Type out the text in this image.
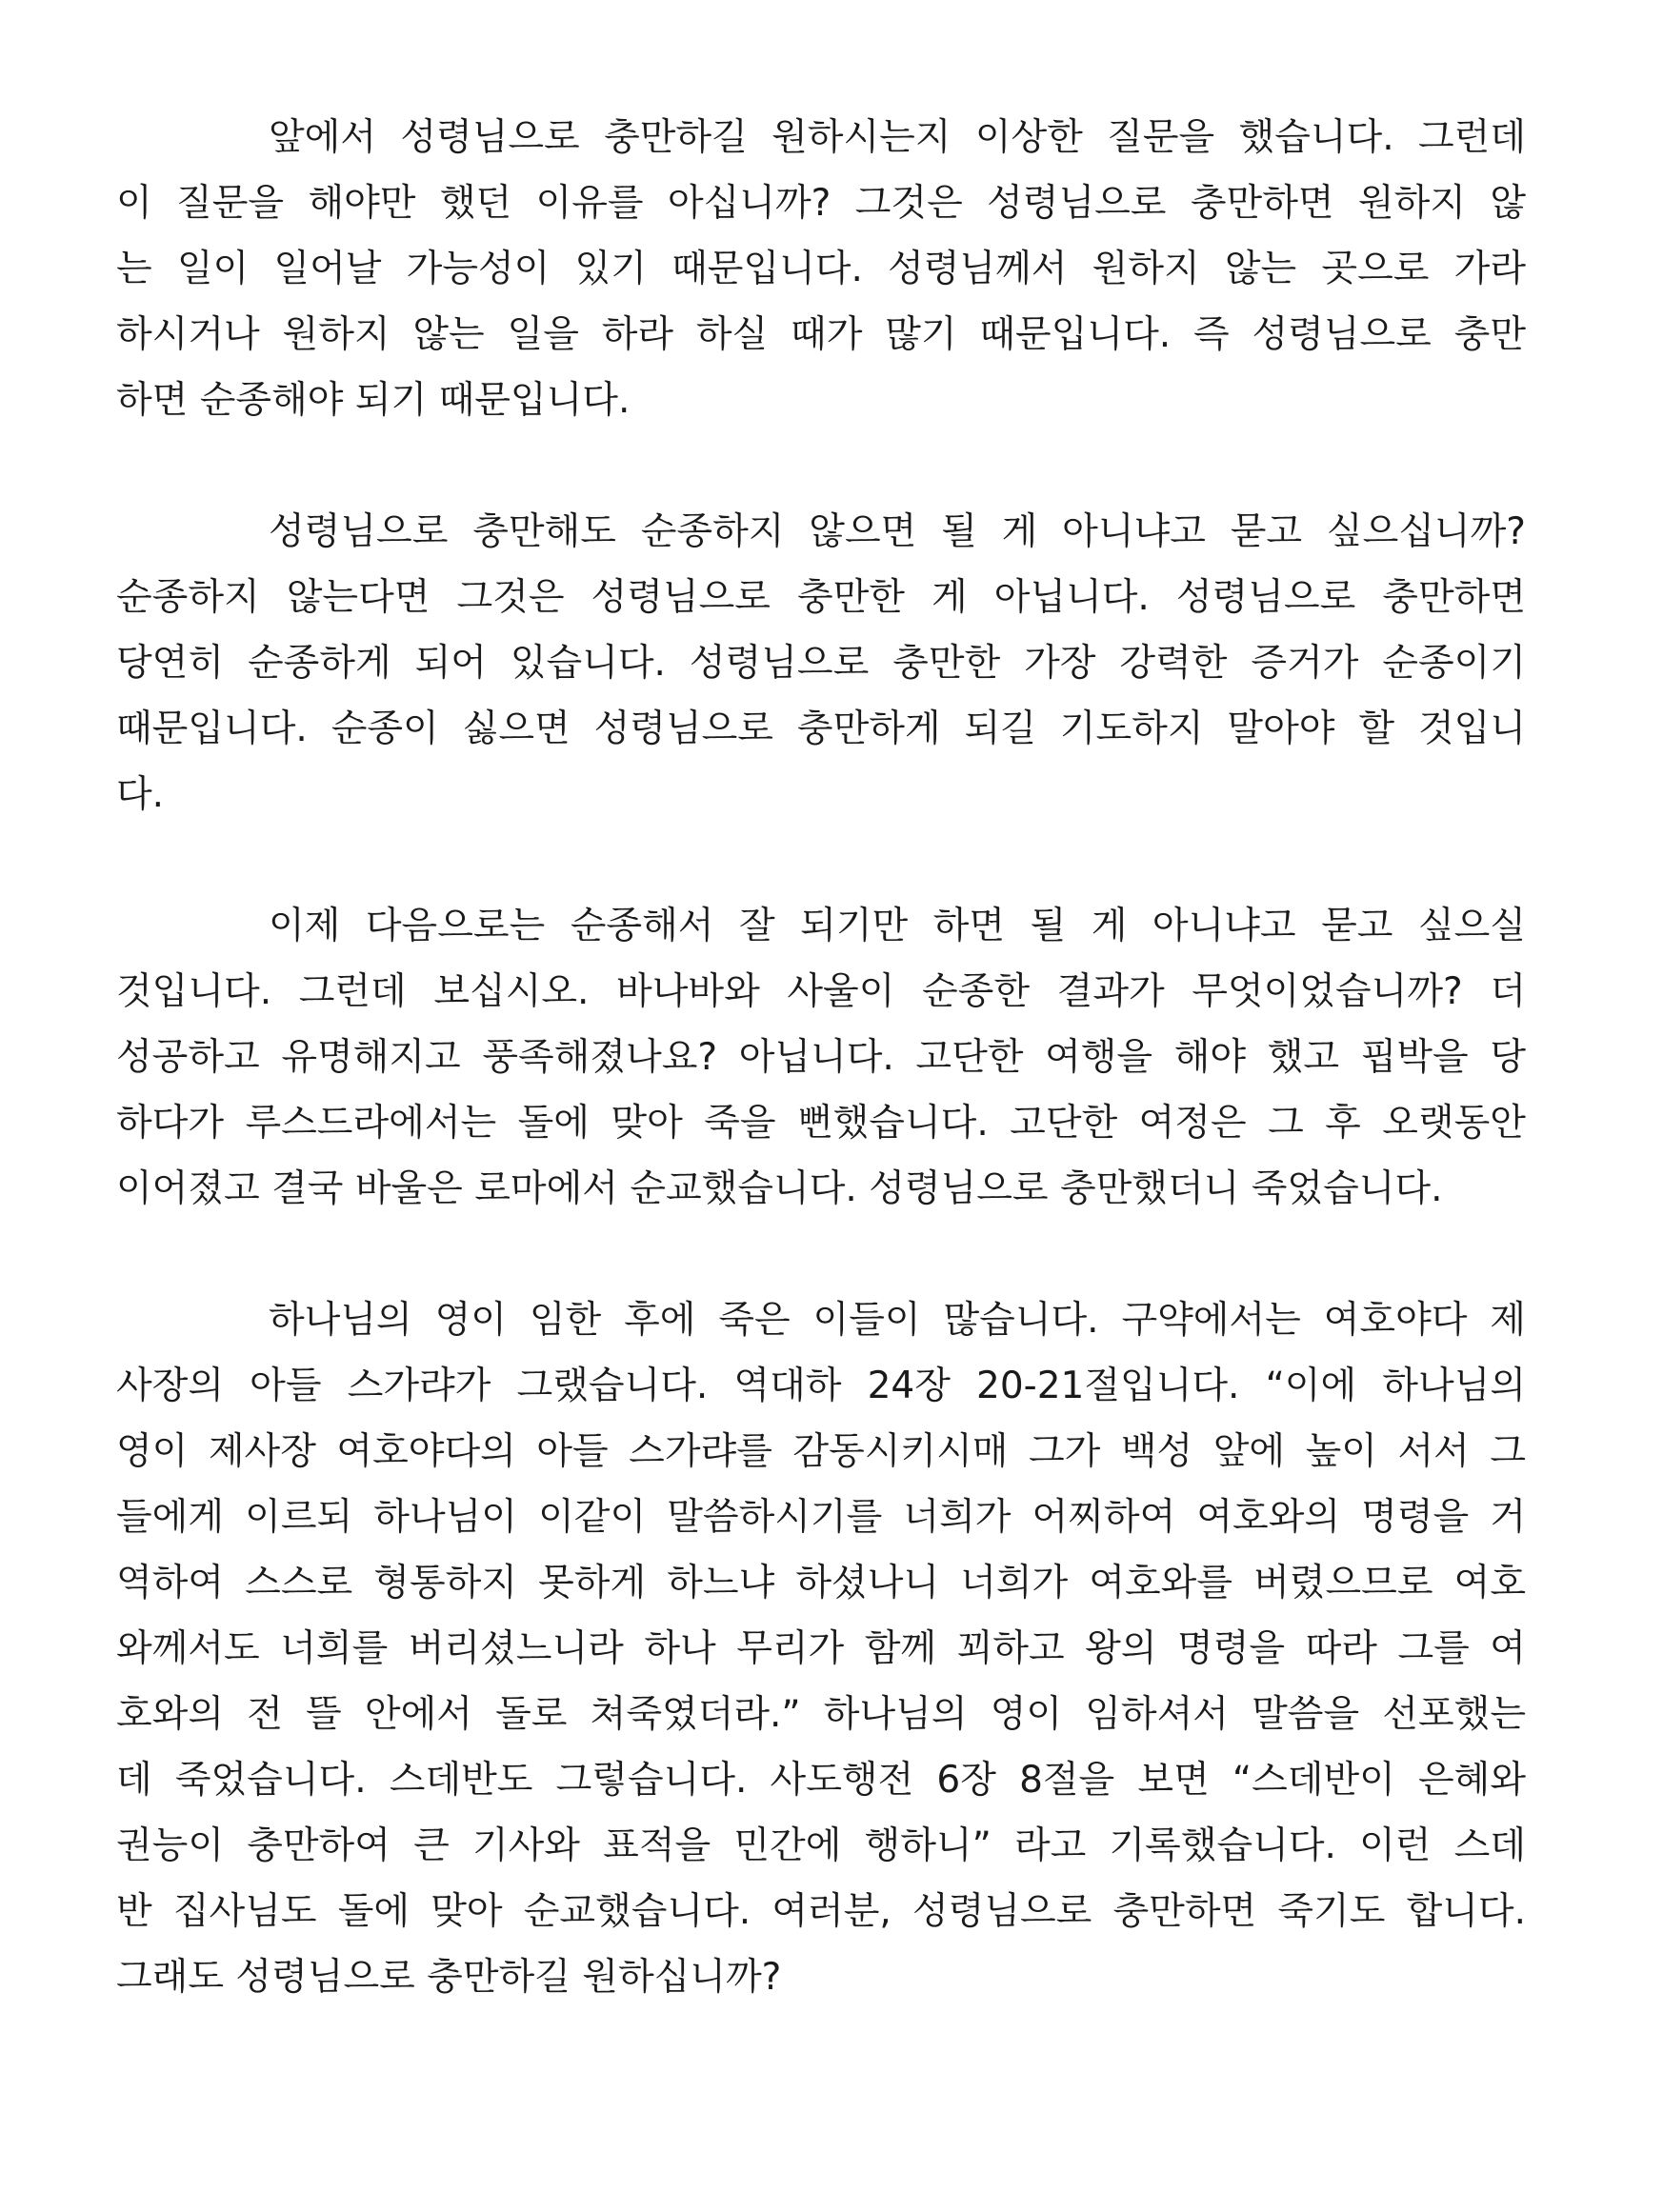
앞에서 성령님으로 충만하길 원하시는지 이상한 질문을 했습니다. 그런데
이 질문을 해야만 했던 이유를 아십니까? 그것은 성령님으로 충만하면 원하지 않
는 일이 일어날 가능성이 있기 때문입니다. 성령님께서 원하지 않는 곳으로 가라
하시거나 원하지 않는 일을 하라 하실 때가 많기 때문입니다. 즉 성령님으로 충만
하면 순종해야 되기 때문입니다.
성령님으로 충만해도 순종하지 않으면 될 게 아니냐고 묻고 싶으십니까?
순종하지 않는다면 그것은 성령님으로 충만한 게 아닙니다. 성령님으로 충만하면
당연히 순종하게 되어 있습니다. 성령님으로 충만한 가장 강력한 증거가 순종이기
때문입니다. 순종이 싫으면 성령님으로 충만하게 되길 기도하지 말아야 할 것입니
다.
이제 다음으로는 순종해서 잘 되기만 하면 될 게 아니냐고 묻고 싶으실
것입니다. 그런데 보십시오. 바나바와 사울이 순종한 결과가 무엇이었습니까? 더
성공하고 유명해지고 풍족해졌나요? 아닙니다. 고단한 여행을 해야 했고 핍박을 당
하다가 루스드라에서는 돌에 맞아 죽을 뻔했습니다. 고단한 여정은 그 후 오랫동안
이어졌고 결국 바울은 로마에서 순교했습니다. 성령님으로 충만했더니 죽었습니다.
하나님의 영이 임한 후에 죽은 이들이 많습니다. 구약에서는 여호야다 제
사장의 아들 스가랴가 그랬습니다. 역대하 24장 20-21절입니다. “이에 하나님의
영이 제사장 여호야다의 아들 스가랴를 감동시키시매 그가 백성 앞에 높이 서서 그
들에게 이르되 하나님이 이같이 말씀하시기를 너희가 어찌하여 여호와의 명령을 거
역하여 스스로 형통하지 못하게 하느냐 하셨나니 너희가 여호와를 버렸으므로 여호
와께서도 너희를 버리셨느니라 하나 무리가 함께 꾀하고 왕의 명령을 따라 그를 여
호와의 전 뜰 안에서 돌로 쳐죽였더라.” 하나님의 영이 임하셔서 말씀을 선포했는
데 죽었습니다. 스데반도 그렇습니다. 사도행전 6장 8절을 보면 “스데반이 은혜와
권능이 충만하여 큰 기사와 표적을 민간에 행하니” 라고 기록했습니다. 이런 스데
반 집사님도 돌에 맞아 순교했습니다. 여러분, 성령님으로 충만하면 죽기도 합니다.
그래도 성령님으로 충만하길 원하십니까?
